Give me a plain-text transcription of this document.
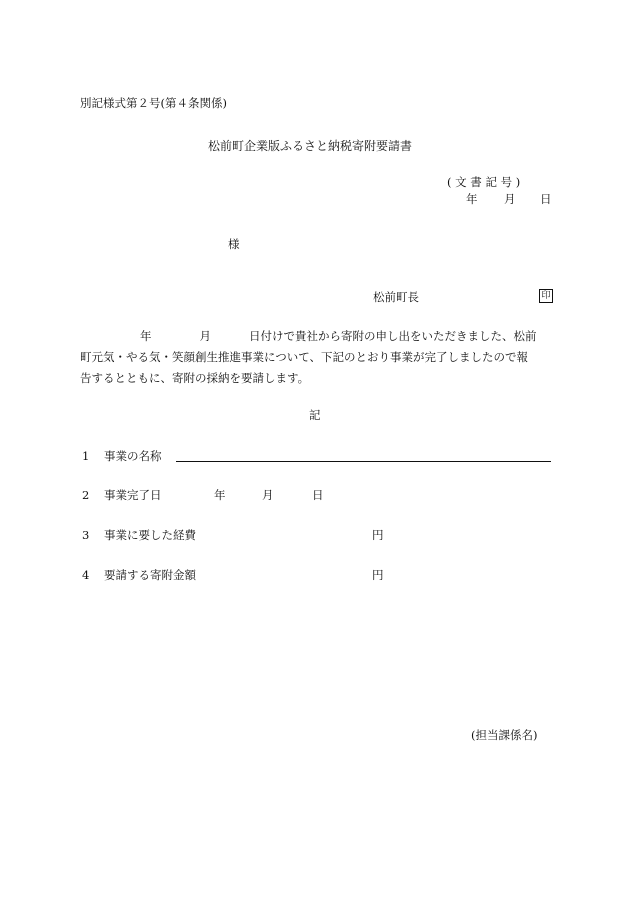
別記様式第２号(第４条関係)
松前町企業版ふるさと納税寄附要請書
( 文 書 記 号 )
年 月 日
様
松前町長	印
年	月	日付けで貴社から寄附の申し出をいただきました、松前
町元気・やる気・笑顔創生推進事業について、下記のとおり事業が完了しましたので報
告するとともに、寄附の採納を要請します。
記
1 事業の名称
2 事業完了日	年	月	日
3 事業に要した経費	円
4 要請する寄附金額	円
(担当課係名)
